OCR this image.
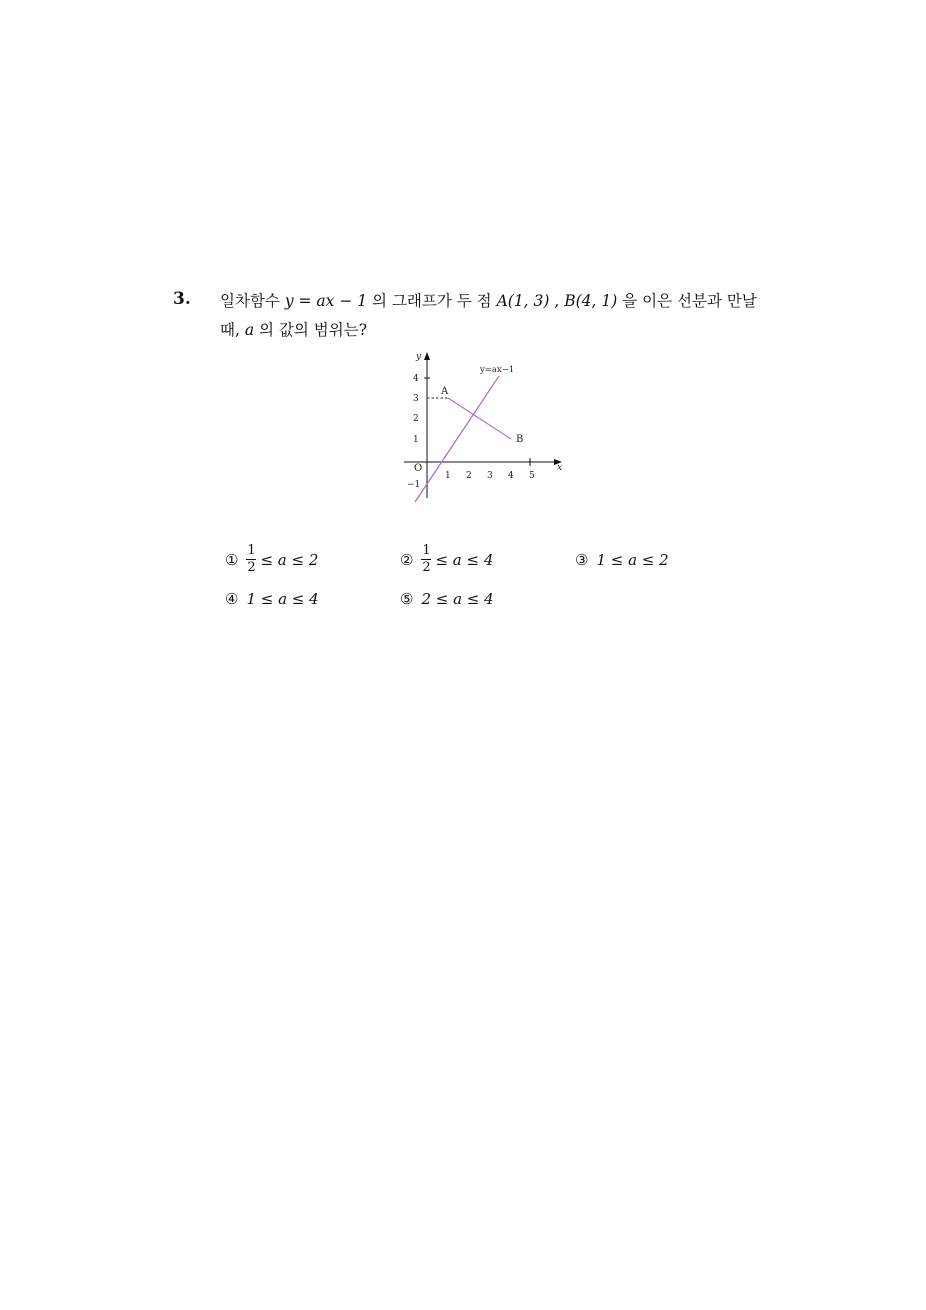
3. 일차함수 y = ax − 1 의 그래프가 두 점 A(1, 3) , B(4, 1) 을 이은 선분과 만날 때, a 의 값의 범위는?
y
x
O
y=ax−1
A
B
1 2 3 4 5
4
3
2
1
−1
① $\frac{1}{2} \le a \le 2$	② $\frac{1}{2} \le a \le 4$	③ 1 ≤ a ≤ 2
④ 1 ≤ a ≤ 4	⑤ 2 ≤ a ≤ 4
